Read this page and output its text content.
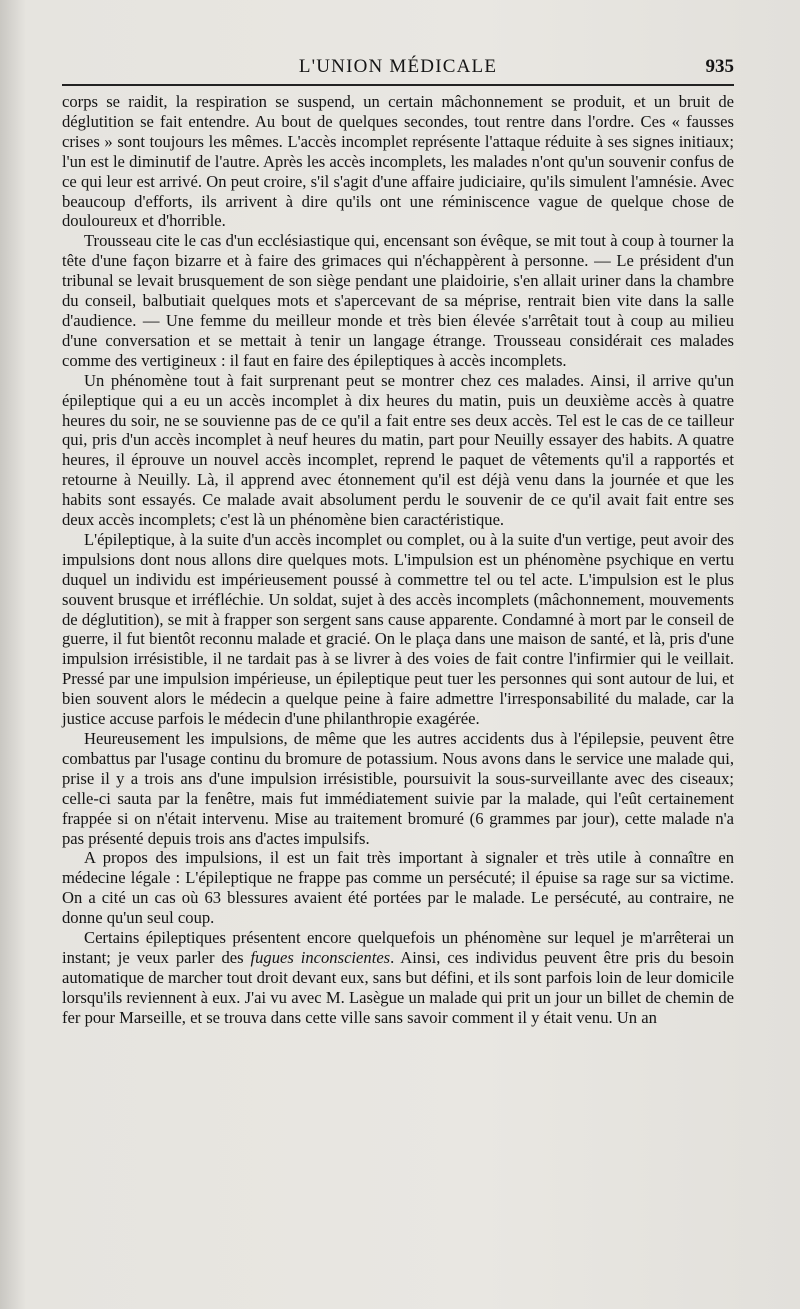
L'UNION MÉDICALE	935

corps se raidit, la respiration se suspend, un certain mâchonnement se produit, et un bruit de déglutition se fait entendre. Au bout de quelques secondes, tout rentre dans l'ordre. Ces « fausses crises » sont toujours les mêmes. L'accès incomplet représente l'attaque réduite à ses signes initiaux; l'un est le diminutif de l'autre. Après les accès incomplets, les malades n'ont qu'un souvenir confus de ce qui leur est arrivé. On peut croire, s'il s'agit d'une affaire judiciaire, qu'ils simulent l'amnésie. Avec beaucoup d'efforts, ils arrivent à dire qu'ils ont une réminiscence vague de quelque chose de douloureux et d'horrible.

Trousseau cite le cas d'un ecclésiastique qui, encensant son évêque, se mit tout à coup à tourner la tête d'une façon bizarre et à faire des grimaces qui n'échappèrent à personne. — Le président d'un tribunal se levait brusquement de son siège pendant une plaidoirie, s'en allait uriner dans la chambre du conseil, balbutiait quelques mots et s'apercevant de sa méprise, rentrait bien vite dans la salle d'audience. — Une femme du meilleur monde et très bien élevée s'arrêtait tout à coup au milieu d'une conversation et se mettait à tenir un langage étrange. Trousseau considérait ces malades comme des vertigineux : il faut en faire des épileptiques à accès incomplets.

Un phénomène tout à fait surprenant peut se montrer chez ces malades. Ainsi, il arrive qu'un épileptique qui a eu un accès incomplet à dix heures du matin, puis un deuxième accès à quatre heures du soir, ne se souvienne pas de ce qu'il a fait entre ses deux accès. Tel est le cas de ce tailleur qui, pris d'un accès incomplet à neuf heures du matin, part pour Neuilly essayer des habits. A quatre heures, il éprouve un nouvel accès incomplet, reprend le paquet de vêtements qu'il a rapportés et retourne à Neuilly. Là, il apprend avec étonnement qu'il est déjà venu dans la journée et que les habits sont essayés. Ce malade avait absolument perdu le souvenir de ce qu'il avait fait entre ses deux accès incomplets; c'est là un phénomène bien caractéristique.

L'épileptique, à la suite d'un accès incomplet ou complet, ou à la suite d'un vertige, peut avoir des impulsions dont nous allons dire quelques mots. L'impulsion est un phénomène psychique en vertu duquel un individu est impérieusement poussé à commettre tel ou tel acte. L'impulsion est le plus souvent brusque et irréfléchie. Un soldat, sujet à des accès incomplets (mâchonnement, mouvements de déglutition), se mit à frapper son sergent sans cause apparente. Condamné à mort par le conseil de guerre, il fut bientôt reconnu malade et gracié. On le plaça dans une maison de santé, et là, pris d'une impulsion irrésistible, il ne tardait pas à se livrer à des voies de fait contre l'infirmier qui le veillait. Pressé par une impulsion impérieuse, un épileptique peut tuer les personnes qui sont autour de lui, et bien souvent alors le médecin a quelque peine à faire admettre l'irresponsabilité du malade, car la justice accuse parfois le médecin d'une philanthropie exagérée.

Heureusement les impulsions, de même que les autres accidents dus à l'épilepsie, peuvent être combattus par l'usage continu du bromure de potassium. Nous avons dans le service une malade qui, prise il y a trois ans d'une impulsion irrésistible, poursuivit la sous-surveillante avec des ciseaux; celle-ci sauta par la fenêtre, mais fut immédiatement suivie par la malade, qui l'eût certainement frappée si on n'était intervenu. Mise au traitement bromuré (6 grammes par jour), cette malade n'a pas présenté depuis trois ans d'actes impulsifs.

A propos des impulsions, il est un fait très important à signaler et très utile à connaître en médecine légale : L'épileptique ne frappe pas comme un persécuté; il épuise sa rage sur sa victime. On a cité un cas où 63 blessures avaient été portées par le malade. Le persécuté, au contraire, ne donne qu'un seul coup.

Certains épileptiques présentent encore quelquefois un phénomène sur lequel je m'arrêterai un instant; je veux parler des fugues inconscientes. Ainsi, ces individus peuvent être pris du besoin automatique de marcher tout droit devant eux, sans but défini, et ils sont parfois loin de leur domicile lorsqu'ils reviennent à eux. J'ai vu avec M. Lasègue un malade qui prit un jour un billet de chemin de fer pour Marseille, et se trouva dans cette ville sans savoir comment il y était venu. Un an
